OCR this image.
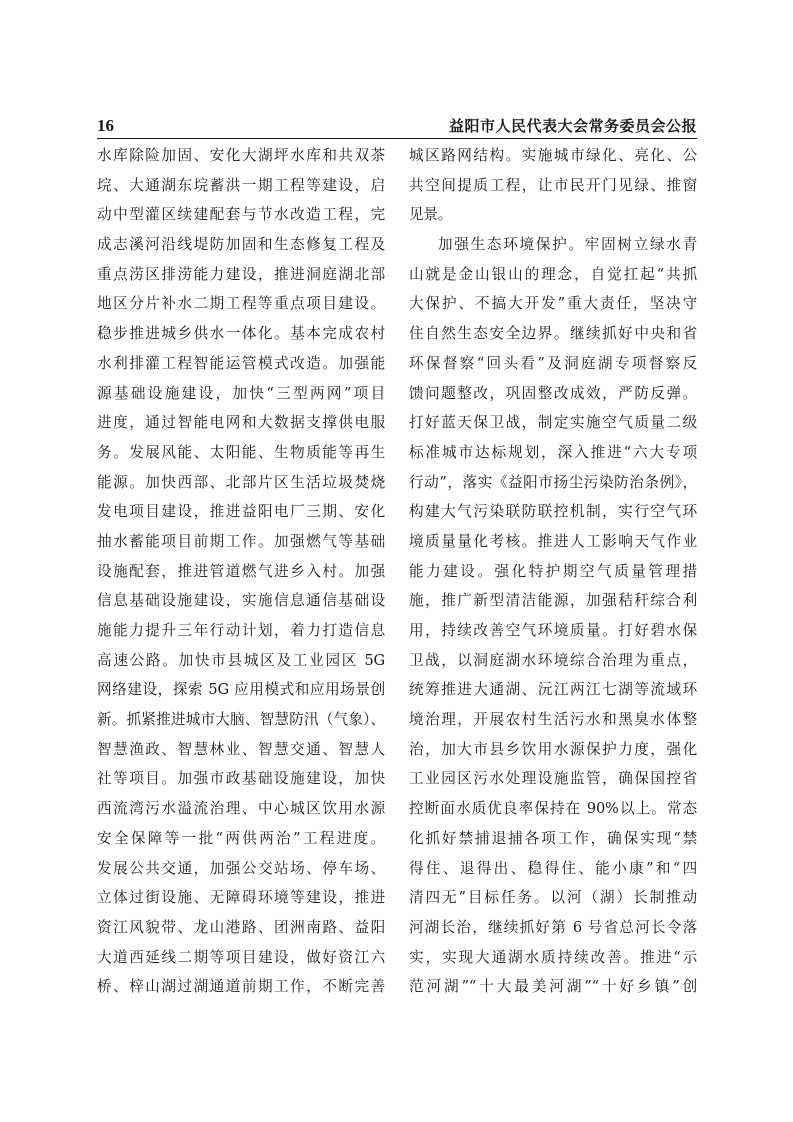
16	益阳市人民代表大会常务委员会公报
水库除险加固、安化大湖坪水库和共双茶
垸、大通湖东垸蓄洪一期工程等建设，启
动中型灌区续建配套与节水改造工程，完
成志溪河沿线堤防加固和生态修复工程及
重点涝区排涝能力建设，推进洞庭湖北部
地区分片补水二期工程等重点项目建设。
稳步推进城乡供水一体化。基本完成农村
水利排灌工程智能运管模式改造。加强能
源基础设施建设，加快“三型两网”项目
进度，通过智能电网和大数据支撑供电服
务。发展风能、太阳能、生物质能等再生
能源。加快西部、北部片区生活垃圾焚烧
发电项目建设，推进益阳电厂三期、安化
抽水蓄能项目前期工作。加强燃气等基础
设施配套，推进管道燃气进乡入村。加强
信息基础设施建设，实施信息通信基础设
施能力提升三年行动计划，着力打造信息
高速公路。加快市县城区及工业园区 5G
网络建设，探索 5G 应用模式和应用场景创
新。抓紧推进城市大脑、智慧防汛（气象）、
智慧渔政、智慧林业、智慧交通、智慧人
社等项目。加强市政基础设施建设，加快
西流湾污水溢流治理、中心城区饮用水源
安全保障等一批“两供两治”工程进度。
发展公共交通，加强公交站场、停车场、
立体过街设施、无障碍环境等建设，推进
资江风貌带、龙山港路、团洲南路、益阳
大道西延线二期等项目建设，做好资江六
桥、梓山湖过湖通道前期工作，不断完善
城区路网结构。实施城市绿化、亮化、公
共空间提质工程，让市民开门见绿、推窗
见景。
加强生态环境保护。牢固树立绿水青
山就是金山银山的理念，自觉扛起“共抓
大保护、不搞大开发”重大责任，坚决守
住自然生态安全边界。继续抓好中央和省
环保督察“回头看”及洞庭湖专项督察反
馈问题整改，巩固整改成效，严防反弹。
打好蓝天保卫战，制定实施空气质量二级
标准城市达标规划，深入推进“六大专项
行动”，落实《益阳市扬尘污染防治条例》，
构建大气污染联防联控机制，实行空气环
境质量量化考核。推进人工影响天气作业
能力建设。强化特护期空气质量管理措
施，推广新型清洁能源，加强秸秆综合利
用，持续改善空气环境质量。打好碧水保
卫战，以洞庭湖水环境综合治理为重点，
统筹推进大通湖、沅江两江七湖等流域环
境治理，开展农村生活污水和黑臭水体整
治，加大市县乡饮用水源保护力度，强化
工业园区污水处理设施监管，确保国控省
控断面水质优良率保持在 90%以上。常态
化抓好禁捕退捕各项工作，确保实现“禁
得住、退得出、稳得住、能小康”和“四
清四无”目标任务。以河（湖）长制推动
河湖长治，继续抓好第 6 号省总河长令落
实，实现大通湖水质持续改善。推进“示
范河湖”“十大最美河湖”“十好乡镇”创
